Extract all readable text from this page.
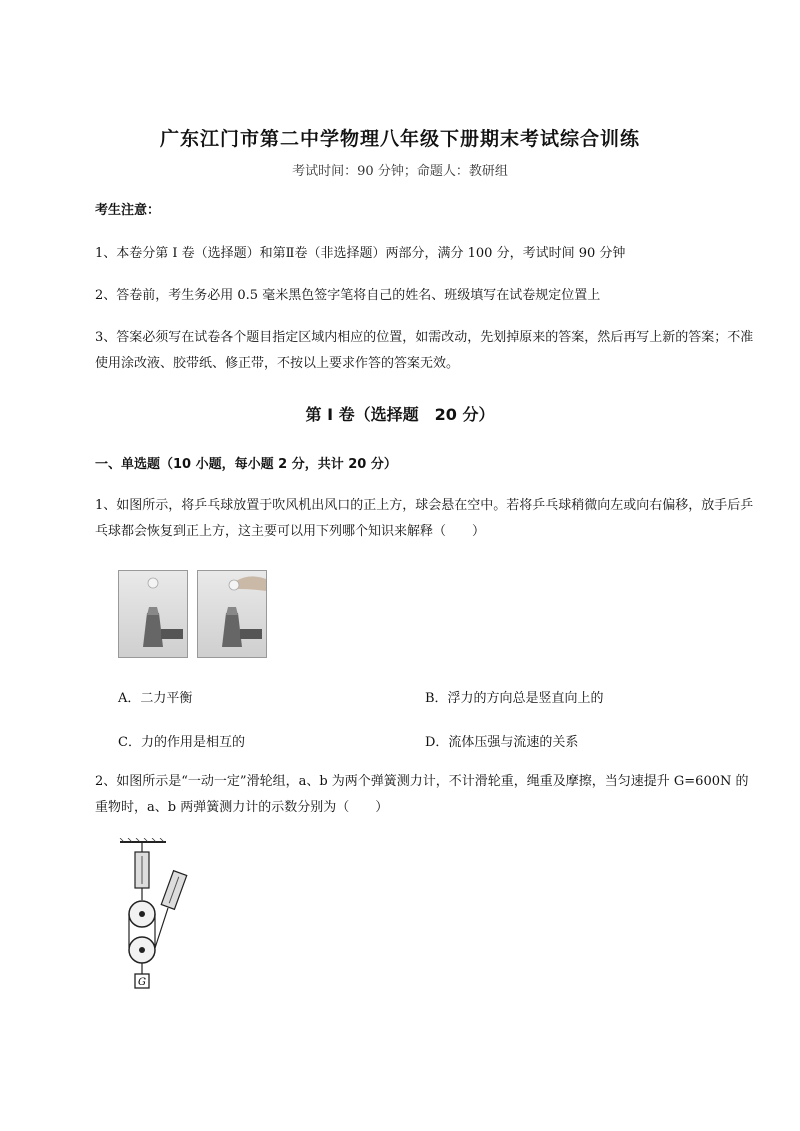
广东江门市第二中学物理八年级下册期末考试综合训练
考试时间：90 分钟；命题人：教研组
考生注意：
1、本卷分第 I 卷（选择题）和第Ⅱ卷（非选择题）两部分，满分 100 分，考试时间 90 分钟
2、答卷前，考生务必用 0.5 毫米黑色签字笔将自己的姓名、班级填写在试卷规定位置上
3、答案必须写在试卷各个题目指定区域内相应的位置，如需改动，先划掉原来的答案，然后再写上新的答案；不准使用涂改液、胶带纸、修正带，不按以上要求作答的答案无效。
第 I 卷（选择题　20 分）
一、单选题（10 小题，每小题 2 分，共计 20 分）
1、如图所示，将乒乓球放置于吹风机出风口的正上方，球会悬在空中。若将乒乓球稍微向左或向右偏移，放手后乒乓球都会恢复到正上方，这主要可以用下列哪个知识来解释（　　）
A．二力平衡	B．浮力的方向总是竖直向上的
C．力的作用是相互的	D．流体压强与流速的关系
2、如图所示是“一动一定”滑轮组，a、b 为两个弹簧测力计，不计滑轮重，绳重及摩擦，当匀速提升 G=600N 的重物时，a、b 两弹簧测力计的示数分别为（　　）
G
